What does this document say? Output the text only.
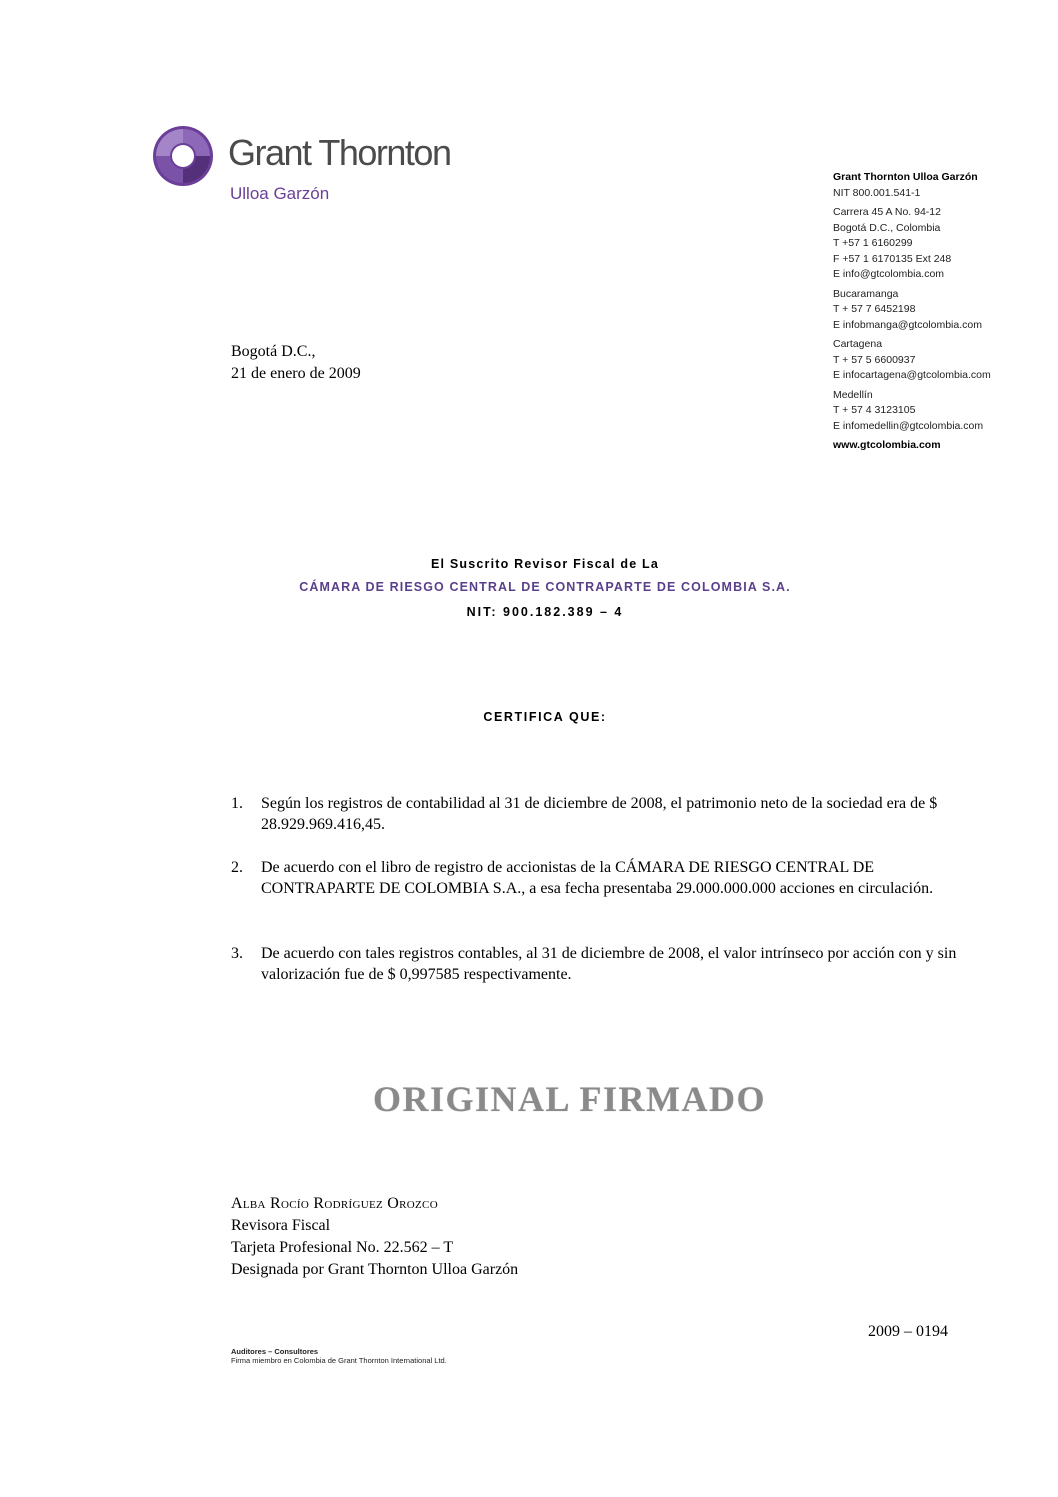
Grant Thornton
Ulloa Garzón
Grant Thornton Ulloa Garzón
NIT 800.001.541-1
Carrera 45 A No. 94-12
Bogotá D.C., Colombia
T +57 1 6160299
F +57 1 6170135 Ext 248
E info@gtcolombia.com
Bucaramanga
T + 57 7 6452198
E infobmanga@gtcolombia.com
Cartagena
T + 57 5 6600937
E infocartagena@gtcolombia.com
Medellín
T + 57 4 3123105
E infomedellin@gtcolombia.com
www.gtcolombia.com
Bogotá D.C.,
21 de enero de 2009
El Suscrito Revisor Fiscal de La
CÁMARA DE RIESGO CENTRAL DE CONTRAPARTE DE COLOMBIA S.A.
NIT: 900.182.389 – 4
CERTIFICA QUE:
1. Según los registros de contabilidad al 31 de diciembre de 2008, el patrimonio neto de la sociedad era de $ 28.929.969.416,45.
2. De acuerdo con el libro de registro de accionistas de la CÁMARA DE RIESGO CENTRAL DE CONTRAPARTE DE COLOMBIA S.A., a esa fecha presentaba 29.000.000.000 acciones en circulación.
3. De acuerdo con tales registros contables, al 31 de diciembre de 2008, el valor intrínseco por acción con y sin valorización fue de $ 0,997585 respectivamente.
ORIGINAL FIRMADO
Alba Rocío Rodríguez Orozco
Revisora Fiscal
Tarjeta Profesional No. 22.562 – T
Designada por Grant Thornton Ulloa Garzón
2009 – 0194
Auditores – Consultores
Firma miembro en Colombia de Grant Thornton International Ltd.
